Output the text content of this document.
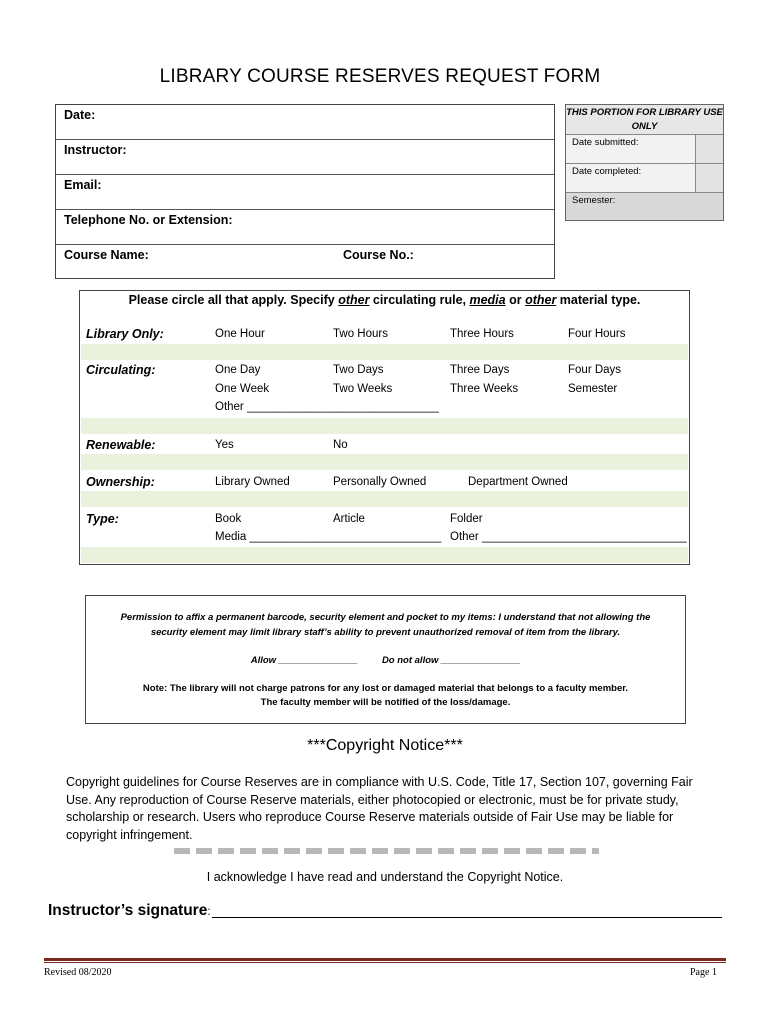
LIBRARY COURSE RESERVES REQUEST FORM
Date:
Instructor:
Email:
Telephone No. or Extension:
Course Name:	Course No.:
THIS PORTION FOR LIBRARY USE ONLY
Date submitted:
Date completed:
Semester:
Please circle all that apply. Specify other circulating rule, media or other material type.
Library Only:	One Hour	Two Hours	Three Hours	Four Hours
Circulating:	One Day	Two Days	Three Days	Four Days
One Week	Two Weeks	Three Weeks	Semester
Other ______________________________
Renewable:	Yes	No
Ownership:	Library Owned	Personally Owned	Department Owned
Type:	Book	Article	Folder
Media ______________________________ Other ________________________________
Permission to affix a permanent barcode, security element and pocket to my items: I understand that not allowing the
security element may limit library staff’s ability to prevent unauthorized removal of item from the library.
Allow _______________	Do not allow _______________
Note: The library will not charge patrons for any lost or damaged material that belongs to a faculty member.
The faculty member will be notified of the loss/damage.
***Copyright Notice***
Copyright guidelines for Course Reserves are in compliance with U.S. Code, Title 17, Section 107, governing Fair
Use. Any reproduction of Course Reserve materials, either photocopied or electronic, must be for private study,
scholarship or research. Users who reproduce Course Reserve materials outside of Fair Use may be liable for
copyright infringement.
I acknowledge I have read and understand the Copyright Notice.
Instructor’s signature:
Revised 08/2020	Page 1
